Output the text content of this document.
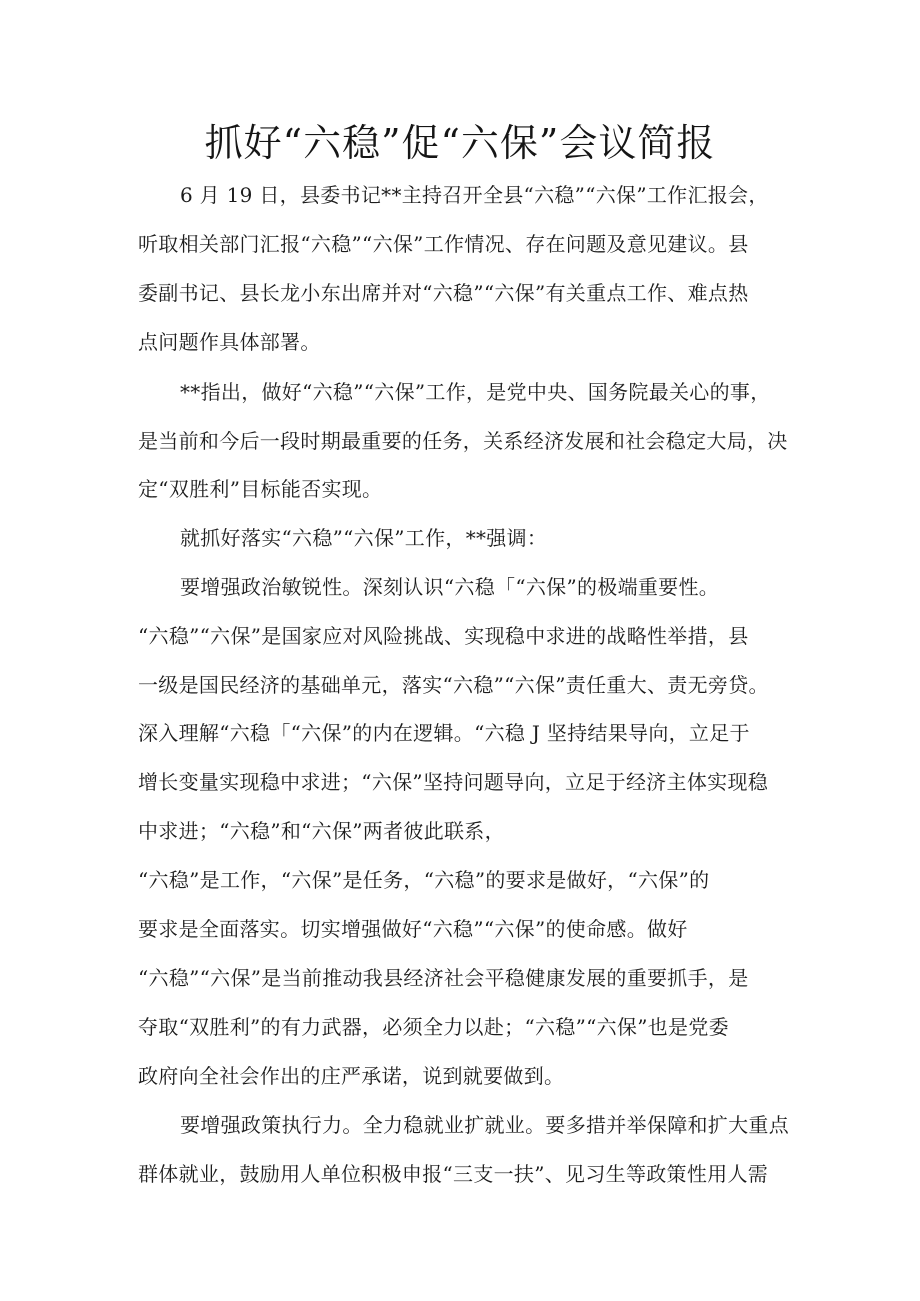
抓好“六稳”促“六保”会议简报
6 月 19 日，县委书记**主持召开全县“六稳”“六保”工作汇报会，
听取相关部门汇报“六稳”“六保”工作情况、存在问题及意见建议。县
委副书记、县长龙小东出席并对“六稳”“六保”有关重点工作、难点热
点问题作具体部署。
**指出，做好“六稳”“六保”工作，是党中央、国务院最关心的事，
是当前和今后一段时期最重要的任务，关系经济发展和社会稳定大局，决
定“双胜利”目标能否实现。
就抓好落实“六稳”“六保”工作，**强调：
要增强政治敏锐性。深刻认识“六稳「“六保”的极端重要性。
“六稳”“六保”是国家应对风险挑战、实现稳中求进的战略性举措，县
一级是国民经济的基础单元，落实“六稳”“六保”责任重大、责无旁贷。
深入理解“六稳「“六保”的内在逻辑。“六稳 J 坚持结果导向，立足于
增长变量实现稳中求进；“六保”坚持问题导向，立足于经济主体实现稳
中求进；“六稳”和“六保”两者彼此联系，
“六稳”是工作，“六保”是任务，“六稳”的要求是做好，“六保”的
要求是全面落实。切实增强做好“六稳”“六保”的使命感。做好
“六稳”“六保”是当前推动我县经济社会平稳健康发展的重要抓手，是
夺取“双胜利”的有力武器，必须全力以赴；“六稳”“六保”也是党委
政府向全社会作出的庄严承诺，说到就要做到。
要增强政策执行力。全力稳就业扩就业。要多措并举保障和扩大重点
群体就业，鼓励用人单位积极申报“三支一扶”、见习生等政策性用人需
